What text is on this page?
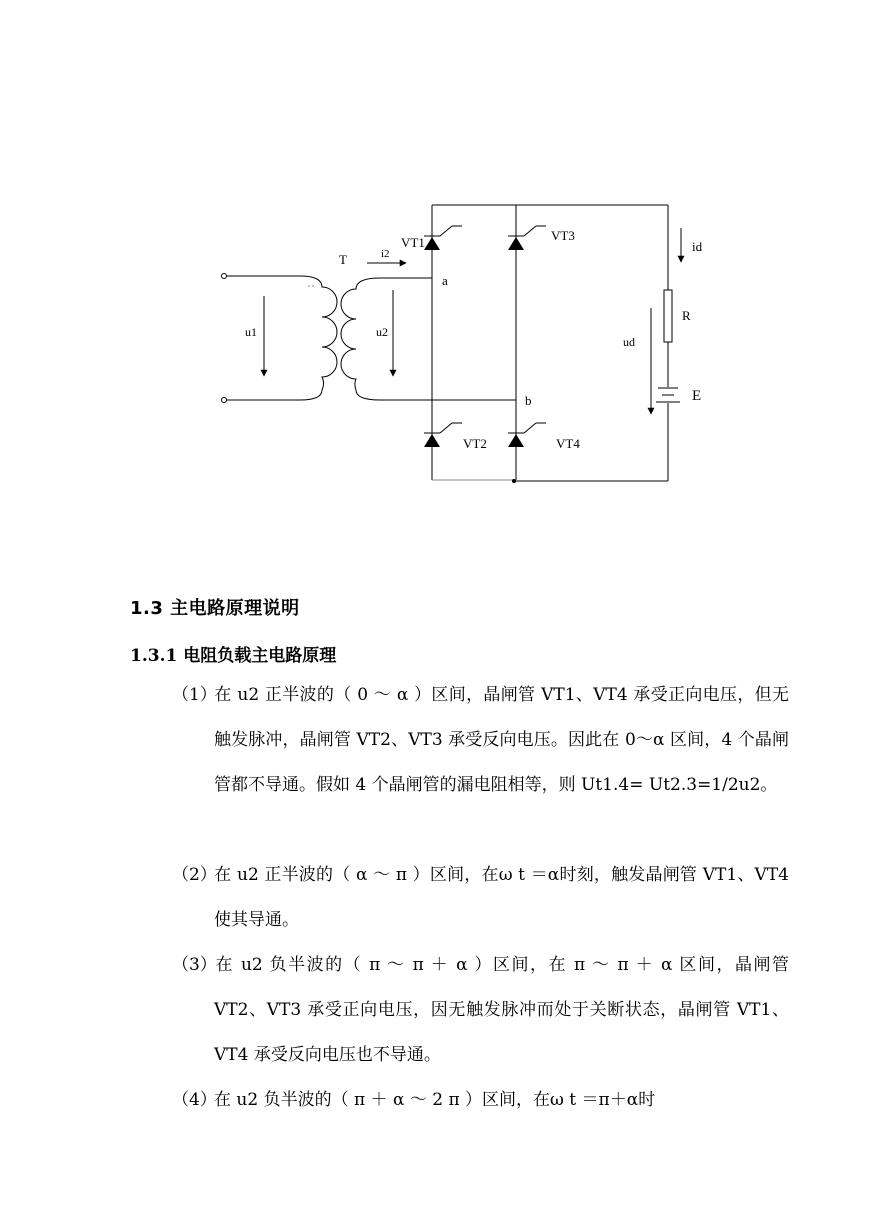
T	i2
a
b
u1	u2
VT1	VT3
VT2	VT4
id
R
ud
E
1.3 主电路原理说明
1.3.1 电阻负载主电路原理

（1）在 u2 正半波的（ 0 ～ α ）区间，晶闸管 VT1、VT4 承受正向电压，但无触发脉冲，晶闸管 VT2、VT3 承受反向电压。因此在 0～α 区间，4 个晶闸管都不导通。假如 4 个晶闸管的漏电阻相等，则 Ut1.4= Ut2.3=1/2u2。

（2）在 u2 正半波的（ α ～ π ）区间，在ω t ＝α时刻，触发晶闸管 VT1、VT4 使其导通。

（3）在 u2 负半波的（ π ～ π ＋ α ）区间，在 π ～ π ＋ α 区间，晶闸管 VT2、VT3 承受正向电压，因无触发脉冲而处于关断状态，晶闸管 VT1、VT4 承受反向电压也不导通。

（4）在 u2 负半波的（ π ＋ α ～ 2 π ）区间，在ω t ＝π＋α时
